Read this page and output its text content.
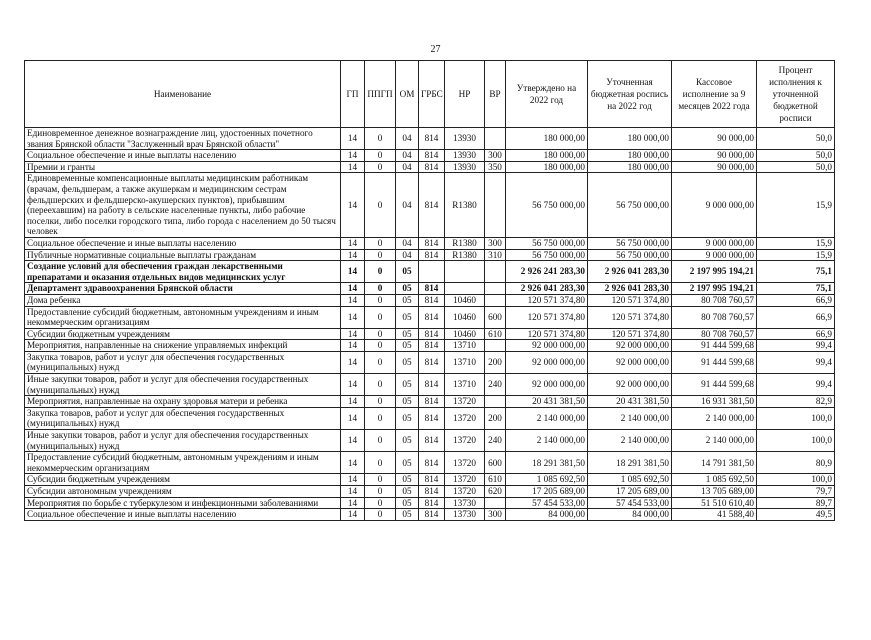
27
Наименование	ГП	ППГП	ОМ	ГРБС	НР	ВР	Утверждено на 2022 год	Уточненная бюджетная роспись на 2022 год	Кассовое исполнение за 9 месяцев 2022 года	Процент исполнения к уточненной бюджетной росписи
Единовременное денежное вознаграждение лиц, удостоенных почетного звания Брянской области "Заслуженный врач Брянской области"	14	0	04	814	13930		180 000,00	180 000,00	90 000,00	50,0
Социальное обеспечение и иные выплаты населению	14	0	04	814	13930	300	180 000,00	180 000,00	90 000,00	50,0
Премии и гранты	14	0	04	814	13930	350	180 000,00	180 000,00	90 000,00	50,0
Единовременные компенсационные выплаты медицинским работникам (врачам, фельдшерам, а также акушеркам и медицинским сестрам фельдшерских и фельдшерско-акушерских пунктов), прибывшим (переехавшим) на работу в сельские населенные пункты, либо рабочие поселки, либо поселки городского типа, либо города с населением до 50 тысяч человек	14	0	04	814	R1380		56 750 000,00	56 750 000,00	9 000 000,00	15,9
Социальное обеспечение и иные выплаты населению	14	0	04	814	R1380	300	56 750 000,00	56 750 000,00	9 000 000,00	15,9
Публичные нормативные социальные выплаты гражданам	14	0	04	814	R1380	310	56 750 000,00	56 750 000,00	9 000 000,00	15,9
Создание условий для обеспечения граждан лекарственными препаратами и оказания отдельных видов медицинских услуг	14	0	05				2 926 241 283,30	2 926 041 283,30	2 197 995 194,21	75,1
Департамент здравоохранения Брянской области	14	0	05	814			2 926 041 283,30	2 926 041 283,30	2 197 995 194,21	75,1
Дома ребенка	14	0	05	814	10460		120 571 374,80	120 571 374,80	80 708 760,57	66,9
Предоставление субсидий бюджетным, автономным учреждениям и иным некоммерческим организациям	14	0	05	814	10460	600	120 571 374,80	120 571 374,80	80 708 760,57	66,9
Субсидии бюджетным учреждениям	14	0	05	814	10460	610	120 571 374,80	120 571 374,80	80 708 760,57	66,9
Мероприятия, направленные на снижение управляемых инфекций	14	0	05	814	13710		92 000 000,00	92 000 000,00	91 444 599,68	99,4
Закупка товаров, работ и услуг для обеспечения государственных (муниципальных) нужд	14	0	05	814	13710	200	92 000 000,00	92 000 000,00	91 444 599,68	99,4
Иные закупки товаров, работ и услуг для обеспечения государственных (муниципальных) нужд	14	0	05	814	13710	240	92 000 000,00	92 000 000,00	91 444 599,68	99,4
Мероприятия, направленные на охрану здоровья матери и ребенка	14	0	05	814	13720		20 431 381,50	20 431 381,50	16 931 381,50	82,9
Закупка товаров, работ и услуг для обеспечения государственных (муниципальных) нужд	14	0	05	814	13720	200	2 140 000,00	2 140 000,00	2 140 000,00	100,0
Иные закупки товаров, работ и услуг для обеспечения государственных (муниципальных) нужд	14	0	05	814	13720	240	2 140 000,00	2 140 000,00	2 140 000,00	100,0
Предоставление субсидий бюджетным, автономным учреждениям и иным некоммерческим организациям	14	0	05	814	13720	600	18 291 381,50	18 291 381,50	14 791 381,50	80,9
Субсидии бюджетным учреждениям	14	0	05	814	13720	610	1 085 692,50	1 085 692,50	1 085 692,50	100,0
Субсидии автономным учреждениям	14	0	05	814	13720	620	17 205 689,00	17 205 689,00	13 705 689,00	79,7
Мероприятия по борьбе с туберкулезом и инфекционными заболеваниями	14	0	05	814	13730		57 454 533,00	57 454 533,00	51 510 610,40	89,7
Социальное обеспечение и иные выплаты населению	14	0	05	814	13730	300	84 000,00	84 000,00	41 588,40	49,5
